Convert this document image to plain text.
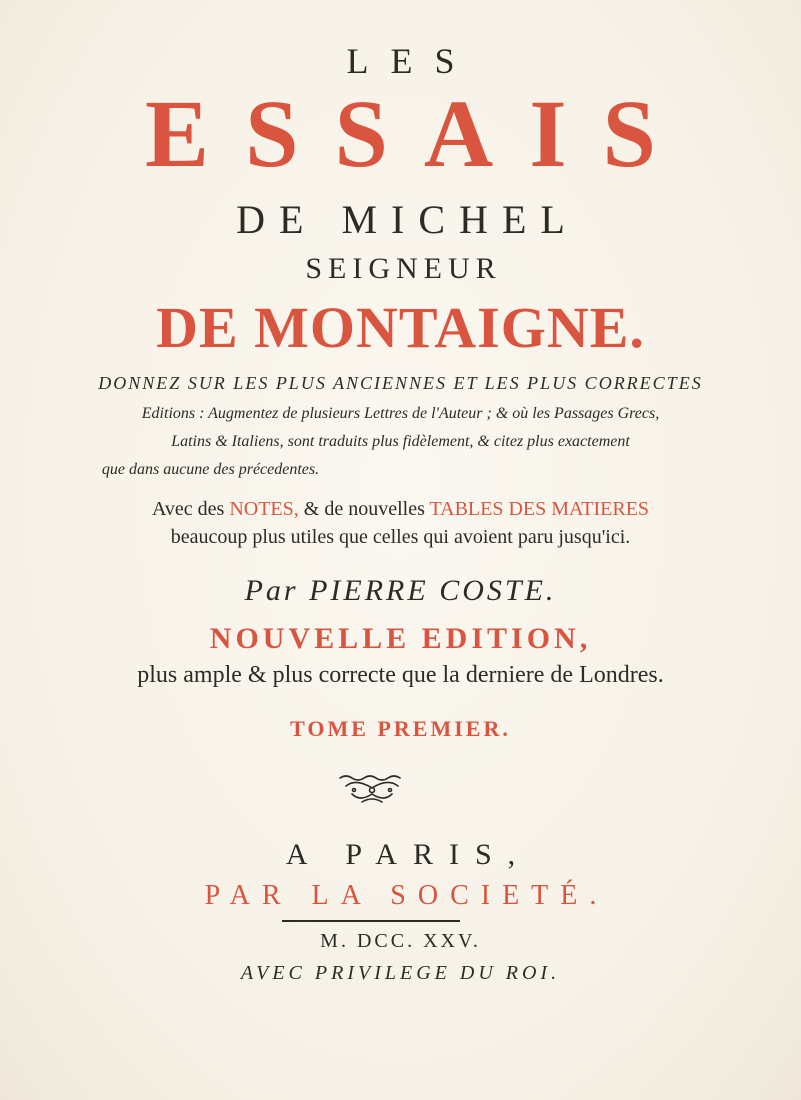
LES
ESSAIS
DE MICHEL
SEIGNEUR
DE MONTAIGNE.
DONNEZ SUR LES PLUS ANCIENNES ET LES PLUS CORRECTES
Editions : Augmentez de plusieurs Lettres de l'Auteur ; & où les Passages Grecs,
Latins & Italiens, sont traduits plus fidèlement, & citez plus exactement
que dans aucune des précedentes.
Avec des NOTES, & de nouvelles TABLES DES MATIERES
beaucoup plus utiles que celles qui avoient paru jusqu'ici.
Par PIERRE COSTE.
NOUVELLE EDITION,
plus ample & plus correcte que la derniere de Londres.
TOME PREMIER.
A PARIS,
PAR LA SOCIETÉ.
M. DCC. XXV.
AVEC PRIVILEGE DU ROI.
